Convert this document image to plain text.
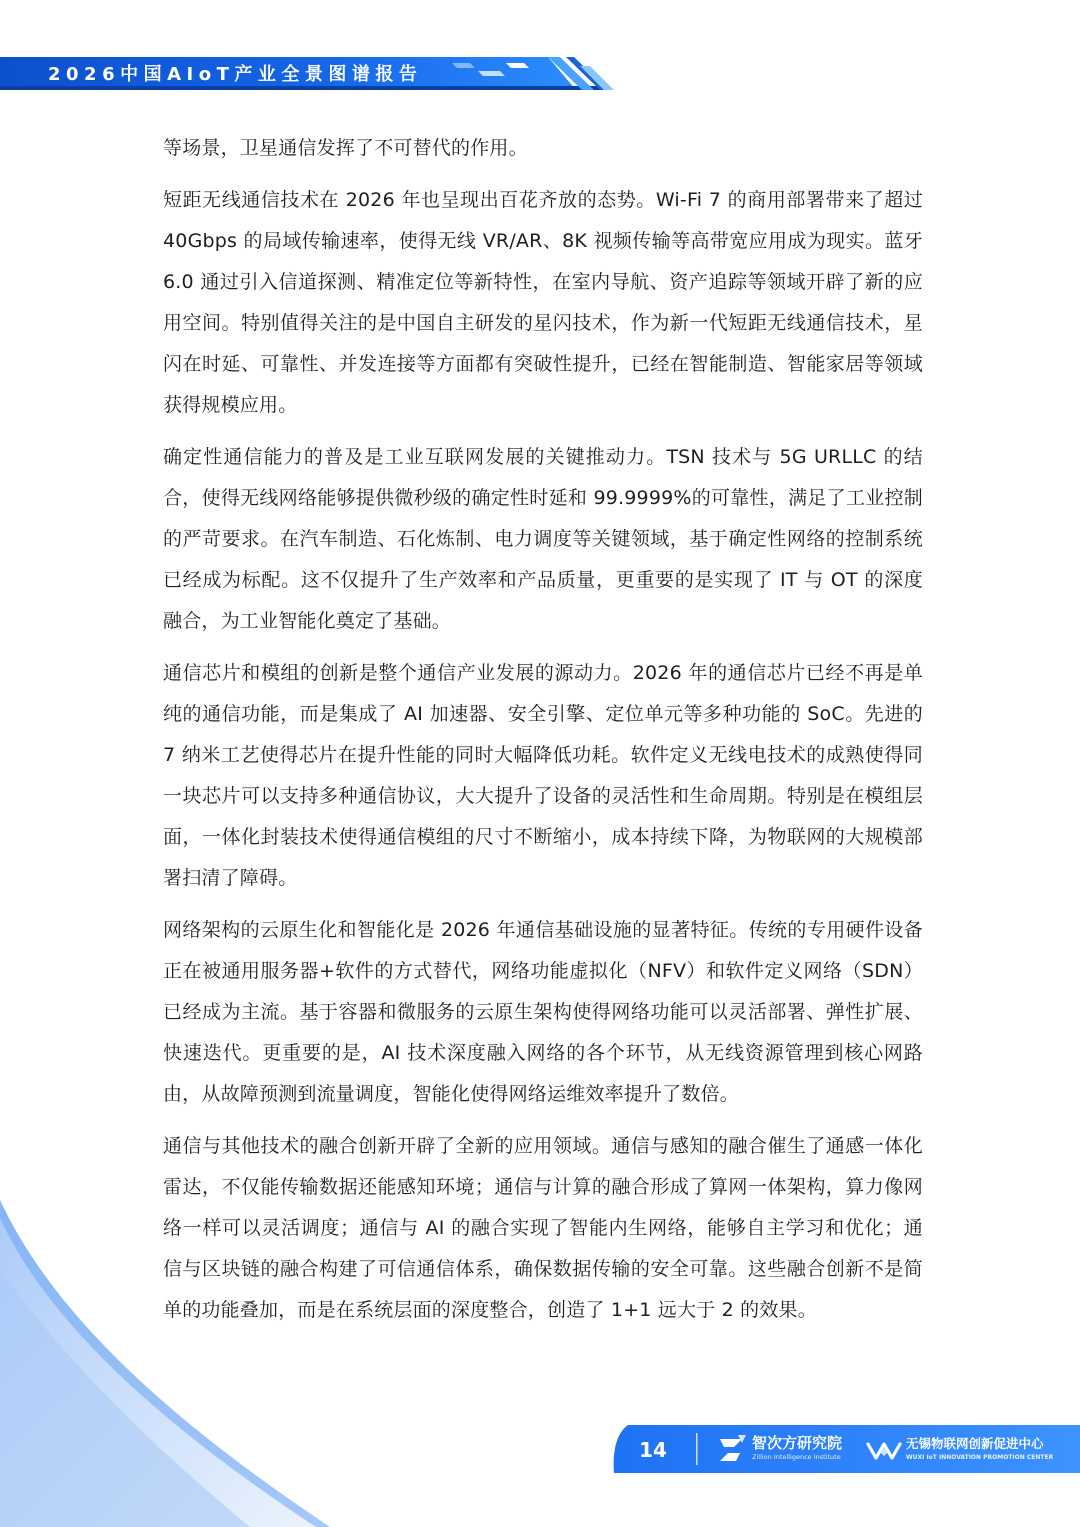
2026中国AIoT产业全景图谱报告

等场景，卫星通信发挥了不可替代的作用。

短距无线通信技术在 2026 年也呈现出百花齐放的态势。Wi-Fi 7 的商用部署带来了超过 40Gbps 的局域传输速率，使得无线 VR/AR、8K 视频传输等高带宽应用成为现实。蓝牙 6.0 通过引入信道探测、精准定位等新特性，在室内导航、资产追踪等领域开辟了新的应用空间。特别值得关注的是中国自主研发的星闪技术，作为新一代短距无线通信技术，星闪在时延、可靠性、并发连接等方面都有突破性提升，已经在智能制造、智能家居等领域获得规模应用。

确定性通信能力的普及是工业互联网发展的关键推动力。TSN 技术与 5G URLLC 的结合，使得无线网络能够提供微秒级的确定性时延和 99.9999%的可靠性，满足了工业控制的严苛要求。在汽车制造、石化炼制、电力调度等关键领域，基于确定性网络的控制系统已经成为标配。这不仅提升了生产效率和产品质量，更重要的是实现了 IT 与 OT 的深度融合，为工业智能化奠定了基础。

通信芯片和模组的创新是整个通信产业发展的源动力。2026 年的通信芯片已经不再是单纯的通信功能，而是集成了 AI 加速器、安全引擎、定位单元等多种功能的 SoC。先进的 7 纳米工艺使得芯片在提升性能的同时大幅降低功耗。软件定义无线电技术的成熟使得同一块芯片可以支持多种通信协议，大大提升了设备的灵活性和生命周期。特别是在模组层面，一体化封装技术使得通信模组的尺寸不断缩小，成本持续下降，为物联网的大规模部署扫清了障碍。

网络架构的云原生化和智能化是 2026 年通信基础设施的显著特征。传统的专用硬件设备正在被通用服务器+软件的方式替代，网络功能虚拟化（NFV）和软件定义网络（SDN）已经成为主流。基于容器和微服务的云原生架构使得网络功能可以灵活部署、弹性扩展、快速迭代。更重要的是，AI 技术深度融入网络的各个环节，从无线资源管理到核心网路由，从故障预测到流量调度，智能化使得网络运维效率提升了数倍。

通信与其他技术的融合创新开辟了全新的应用领域。通信与感知的融合催生了通感一体化雷达，不仅能传输数据还能感知环境；通信与计算的融合形成了算网一体架构，算力像网络一样可以灵活调度；通信与 AI 的融合实现了智能内生网络，能够自主学习和优化；通信与区块链的融合构建了可信通信体系，确保数据传输的安全可靠。这些融合创新不是简单的功能叠加，而是在系统层面的深度整合，创造了 1+1 远大于 2 的效果。

14	智次方研究院
Zillion Intelligence Institute
无锡物联网创新促进中心
WUXI IoT INNOVATION PROMOTION CENTER
